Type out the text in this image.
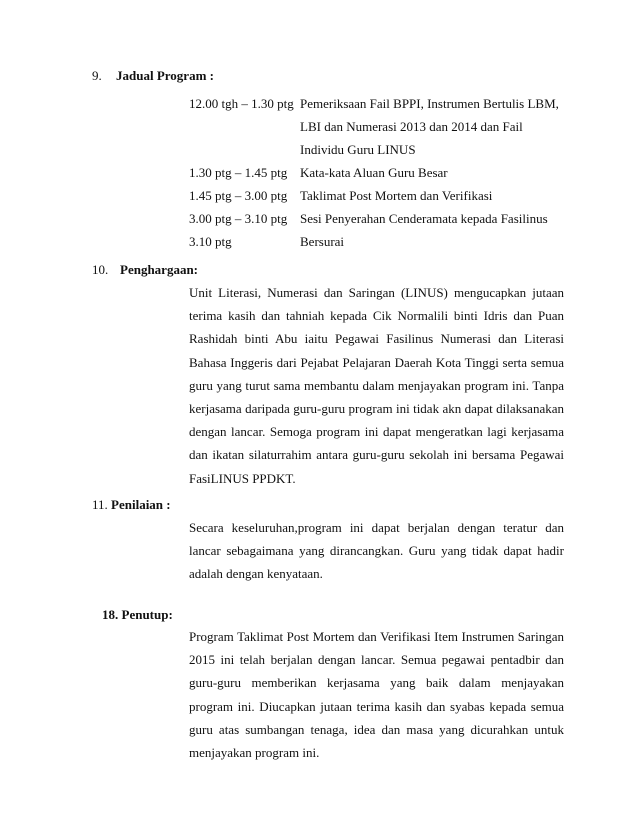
9. Jadual Program :
12.00 tgh – 1.30 ptg Pemeriksaan Fail BPPI, Instrumen Bertulis LBM, LBI dan Numerasi 2013 dan 2014 dan Fail Individu Guru LINUS
1.30 ptg – 1.45 ptg Kata-kata Aluan Guru Besar
1.45 ptg – 3.00 ptg Taklimat Post Mortem dan Verifikasi
3.00 ptg – 3.10 ptg Sesi Penyerahan Cenderamata kepada Fasilinus
3.10 ptg	Bersurai
10. Penghargaan:
Unit Literasi, Numerasi dan Saringan (LINUS) mengucapkan jutaan terima kasih dan tahniah kepada Cik Normalili binti Idris dan Puan Rashidah binti Abu iaitu Pegawai Fasilinus Numerasi dan Literasi Bahasa Inggeris dari Pejabat Pelajaran Daerah Kota Tinggi serta semua guru yang turut sama membantu dalam menjayakan program ini. Tanpa kerjasama daripada guru-guru program ini tidak akn dapat dilaksanakan dengan lancar. Semoga program ini dapat mengeratkan lagi kerjasama dan ikatan silaturrahim antara guru-guru sekolah ini bersama Pegawai FasiLINUS PPDKT.
11. Penilaian :
Secara keseluruhan,program ini dapat berjalan dengan teratur dan lancar sebagaimana yang dirancangkan. Guru yang tidak dapat hadir adalah dengan kenyataan.
18. Penutup:
Program Taklimat Post Mortem dan Verifikasi Item Instrumen Saringan 2015 ini telah berjalan dengan lancar. Semua pegawai pentadbir dan guru-guru memberikan kerjasama yang baik dalam menjayakan program ini. Diucapkan jutaan terima kasih dan syabas kepada semua guru atas sumbangan tenaga, idea dan masa yang dicurahkan untuk menjayakan program ini.
